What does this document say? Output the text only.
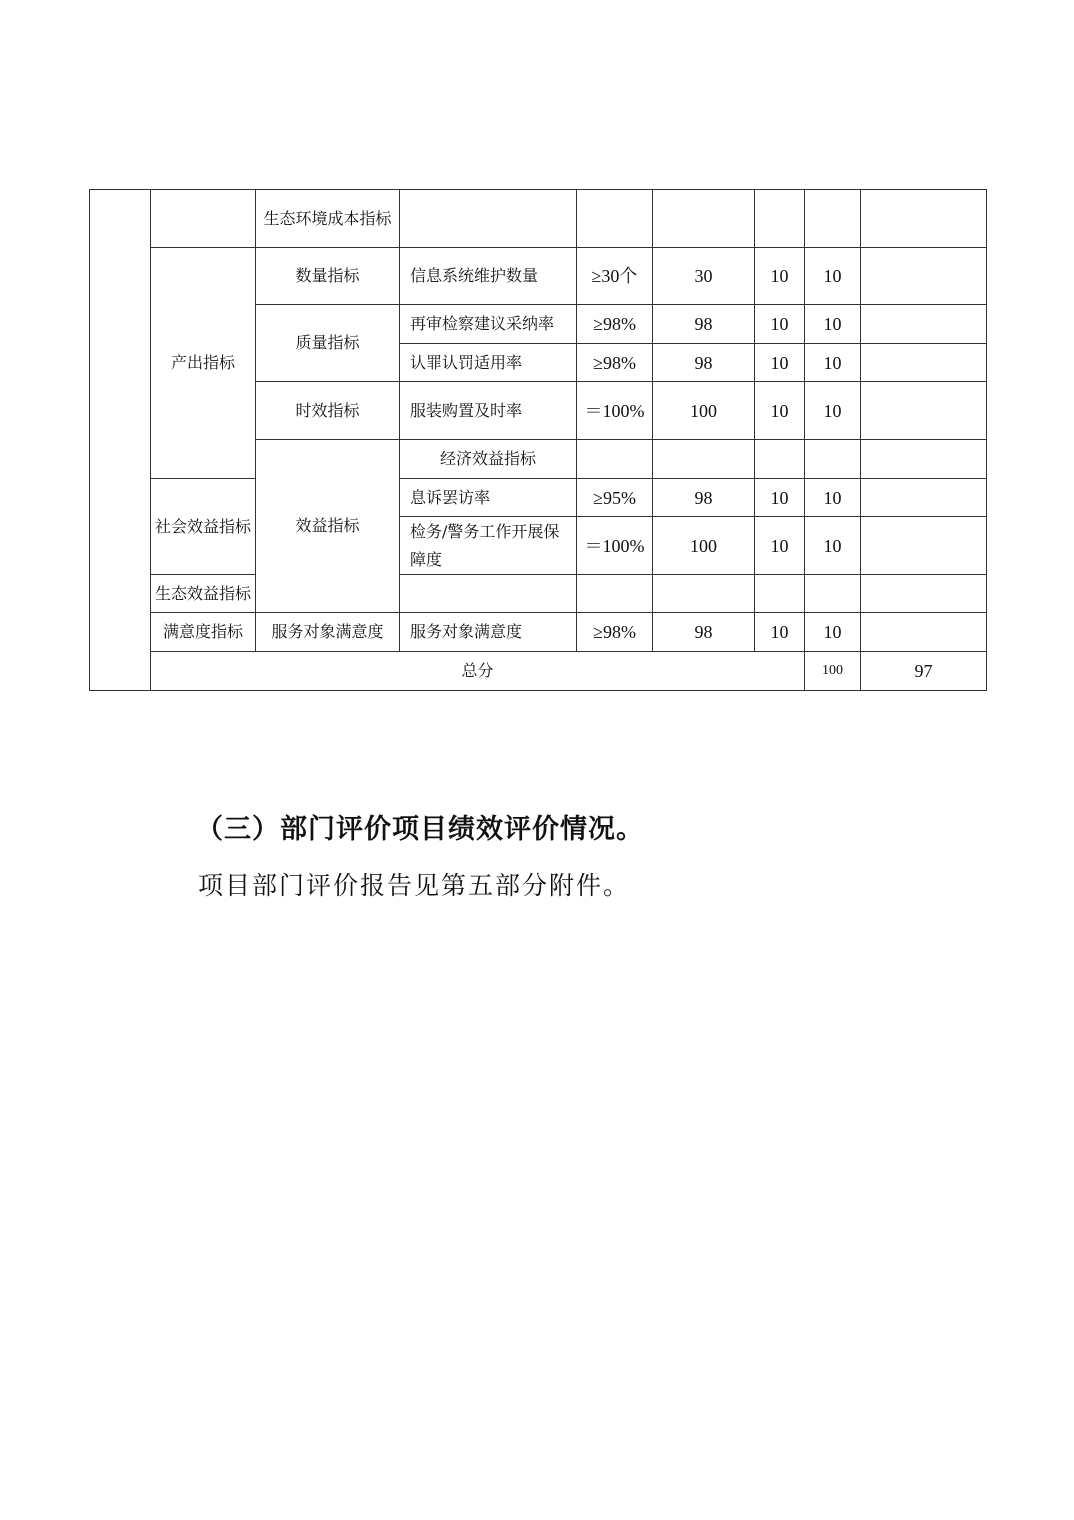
		生态环境成本指标							
	产出指标	数量指标	信息系统维护数量	≥30个	30	10	10		
		质量指标	再审检察建议采纳率	≥98%	98	10	10		
			认罪认罚适用率	≥98%	98	10	10		
		时效指标	服装购置及时率	＝100%	100	10	10		
		效益指标	经济效益指标						
	社会效益指标		息诉罢访率	≥95%	98	10	10		
			检务/警务工作开展保障度	＝100%	100	10	10		
	生态效益指标								
	满意度指标	服务对象满意度	服务对象满意度	≥98%	98	10	10		
	总分						100	97	
（三）部门评价项目绩效评价情况。
项目部门评价报告见第五部分附件。
